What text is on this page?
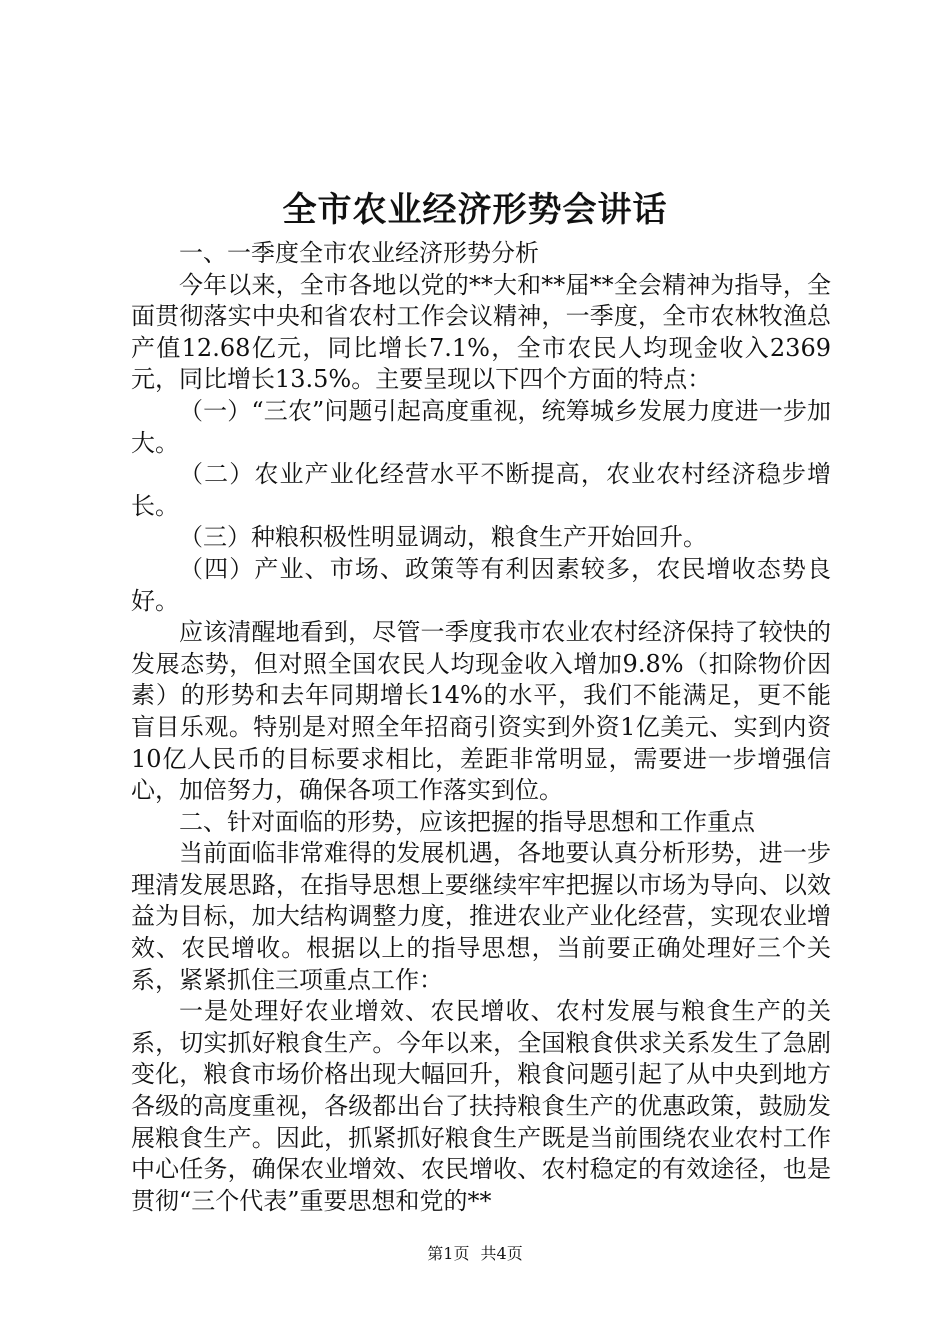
全市农业经济形势会讲话

一、一季度全市农业经济形势分析

今年以来，全市各地以党的**大和**届**全会精神为指导，全面贯彻落实中央和省农村工作会议精神，一季度，全市农林牧渔总产值12.68亿元，同比增长7.1%，全市农民人均现金收入2369元，同比增长13.5%。主要呈现以下四个方面的特点：

（一）“三农”问题引起高度重视，统筹城乡发展力度进一步加大。

（二）农业产业化经营水平不断提高，农业农村经济稳步增长。

（三）种粮积极性明显调动，粮食生产开始回升。

（四）产业、市场、政策等有利因素较多，农民增收态势良好。

应该清醒地看到，尽管一季度我市农业农村经济保持了较快的发展态势，但对照全国农民人均现金收入增加9.8%（扣除物价因素）的形势和去年同期增长14%的水平，我们不能满足，更不能盲目乐观。特别是对照全年招商引资实到外资1亿美元、实到内资10亿人民币的目标要求相比，差距非常明显，需要进一步增强信心，加倍努力，确保各项工作落实到位。

二、针对面临的形势，应该把握的指导思想和工作重点

当前面临非常难得的发展机遇，各地要认真分析形势，进一步理清发展思路，在指导思想上要继续牢牢把握以市场为导向、以效益为目标，加大结构调整力度，推进农业产业化经营，实现农业增效、农民增收。根据以上的指导思想，当前要正确处理好三个关系，紧紧抓住三项重点工作：

一是处理好农业增效、农民增收、农村发展与粮食生产的关系，切实抓好粮食生产。今年以来，全国粮食供求关系发生了急剧变化，粮食市场价格出现大幅回升，粮食问题引起了从中央到地方各级的高度重视，各级都出台了扶持粮食生产的优惠政策，鼓励发展粮食生产。因此，抓紧抓好粮食生产既是当前围绕农业农村工作中心任务，确保农业增效、农民增收、农村稳定的有效途径，也是贯彻“三个代表”重要思想和党的**

第1页 共4页
